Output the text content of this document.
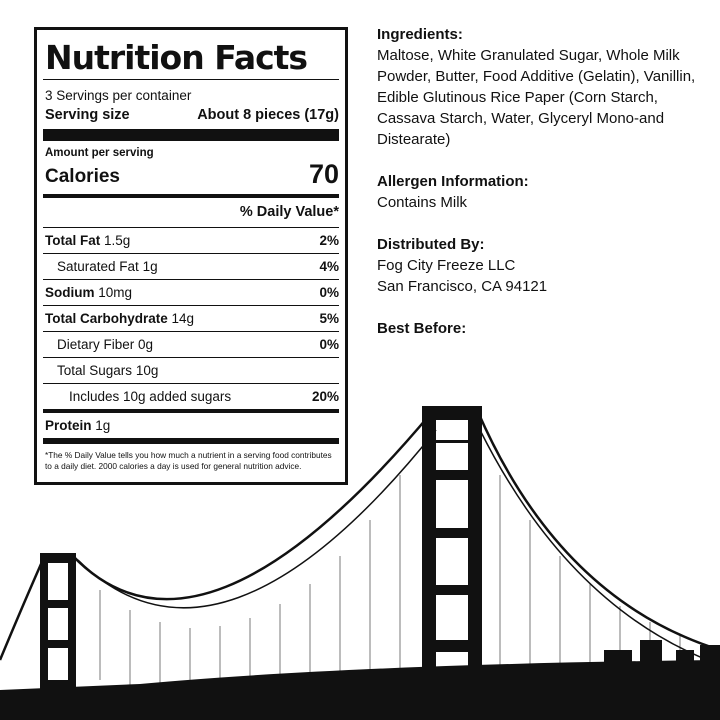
Nutrition Facts
3 Servings per container
Serving size	About 8 pieces (17g)
Amount per serving
Calories	70
% Daily Value*
Total Fat 1.5g	2%
Saturated Fat 1g	4%
Sodium 10mg	0%
Total Carbohydrate 14g	5%
Dietary Fiber 0g	0%
Total Sugars 10g
Includes 10g added sugars	20%
Protein 1g
*The % Daily Value tells you how much a nutrient in a serving food contributes to a daily diet. 2000 calories a day is used for general nutrition advice.
Ingredients:

Maltose, White Granulated Sugar, Whole Milk Powder, Butter, Food Additive (Gelatin), Vanillin, Edible Glutinous Rice Paper (Corn Starch, Cassava Starch, Water, Glyceryl Mono-and Distearate)

Allergen Information:

Contains Milk

Distributed By:

Fog City Freeze LLC

San Francisco, CA 94121

Best Before:
